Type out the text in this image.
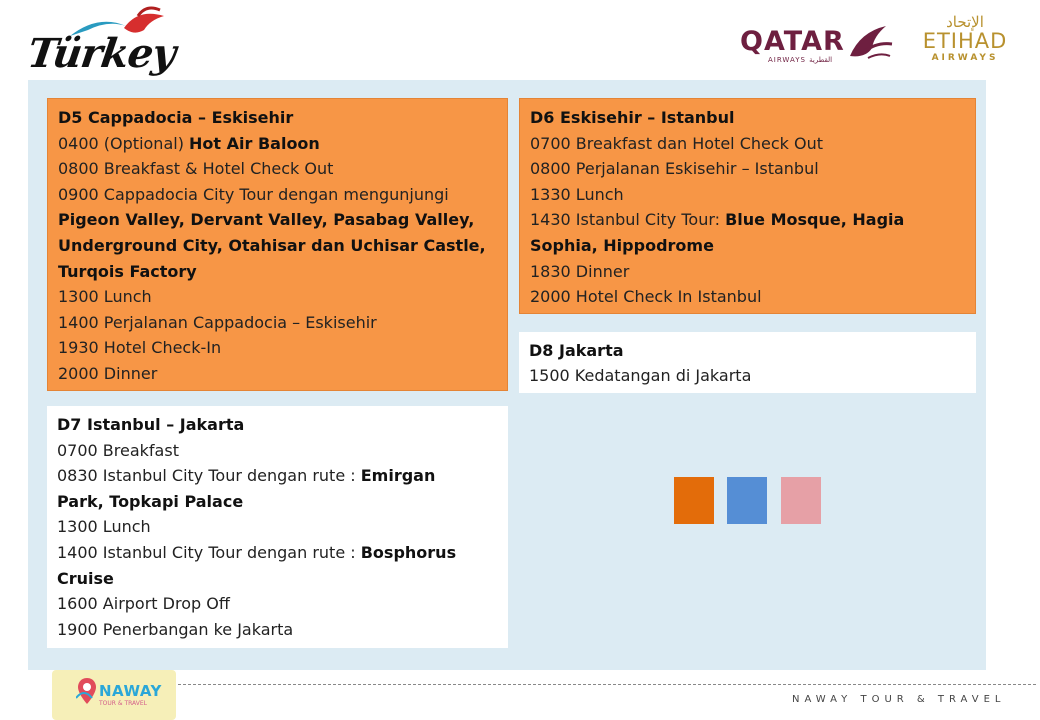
Türkey	QATAR
AIRWAYS القطرية
الإتحاد
ETIHAD
AIRWAYS
D5 Cappadocia – Eskisehir
0400 (Optional) Hot Air Baloon
0800 Breakfast & Hotel Check Out
0900 Cappadocia City Tour dengan mengunjungi
Pigeon Valley, Dervant Valley, Pasabag Valley,
Underground City, Otahisar dan Uchisar Castle,
Turqois Factory
1300 Lunch
1400 Perjalanan Cappadocia – Eskisehir
1930 Hotel Check-In
2000 Dinner
D6 Eskisehir – Istanbul
0700 Breakfast dan Hotel Check Out
0800 Perjalanan Eskisehir – Istanbul
1330 Lunch
1430 Istanbul City Tour: Blue Mosque, Hagia
Sophia, Hippodrome
1830 Dinner
2000 Hotel Check In Istanbul
D8 Jakarta
1500 Kedatangan di Jakarta
D7 Istanbul – Jakarta
0700 Breakfast
0830 Istanbul City Tour dengan rute : Emirgan
Park, Topkapi Palace
1300 Lunch
1400 Istanbul City Tour dengan rute : Bosphorus
Cruise
1600 Airport Drop Off
1900 Penerbangan ke Jakarta
NAWAY
TOUR & TRAVEL	NAWAY TOUR & TRAVEL
